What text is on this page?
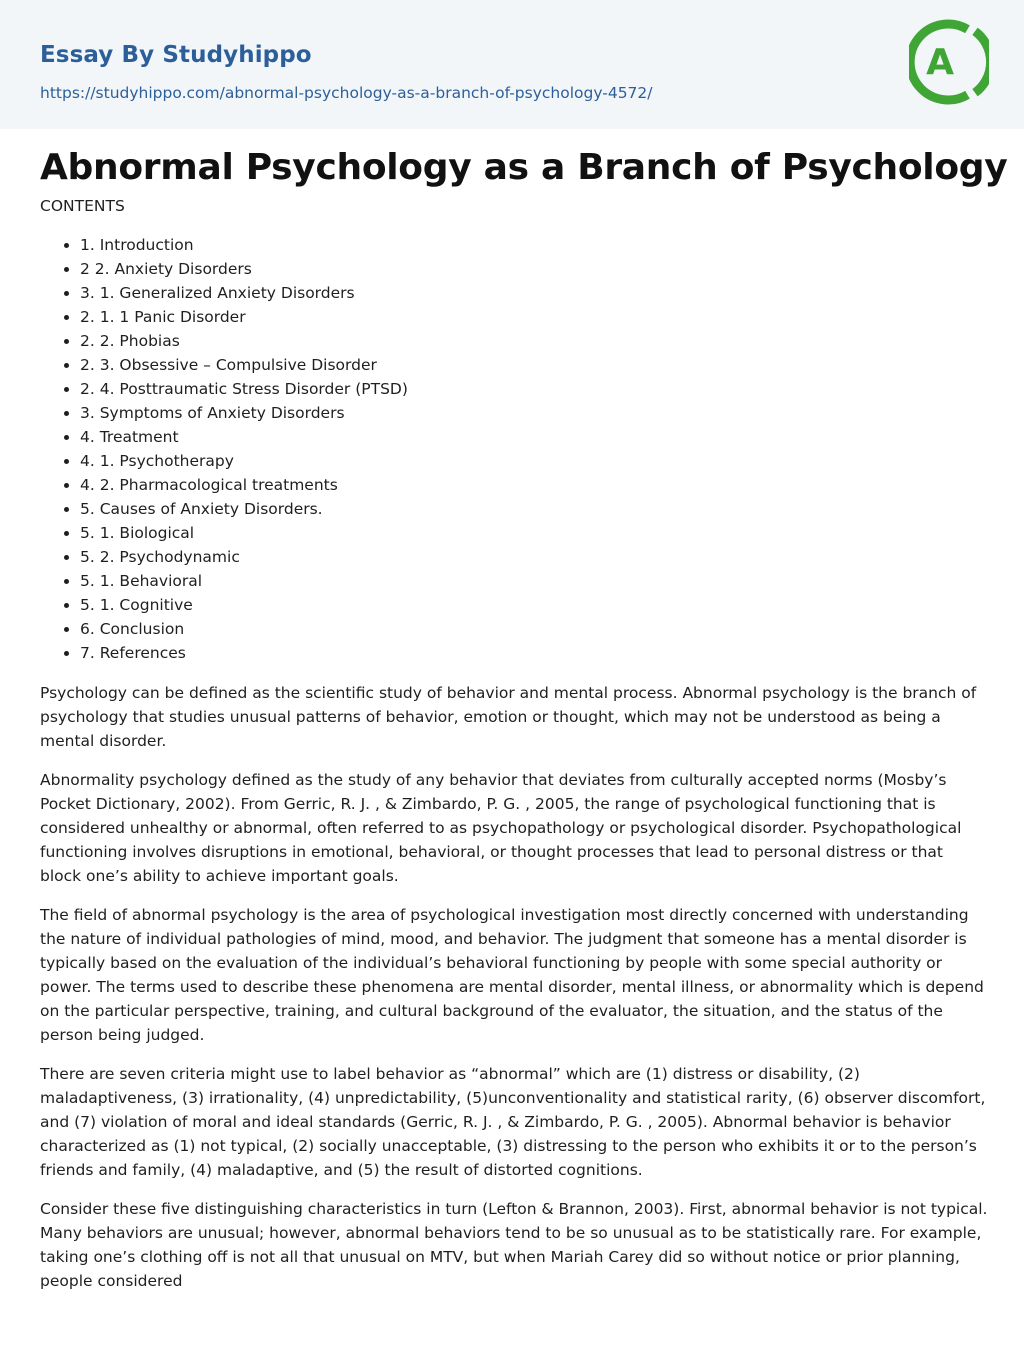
Essay By Studyhippo
https://studyhippo.com/abnormal-psychology-as-a-branch-of-psychology-4572/
A
Abnormal Psychology as a Branch of Psychology
CONTENTS
• 1. Introduction
• 2 2. Anxiety Disorders
• 3. 1. Generalized Anxiety Disorders
• 2. 1. 1 Panic Disorder
• 2. 2. Phobias
• 2. 3. Obsessive – Compulsive Disorder
• 2. 4. Posttraumatic Stress Disorder (PTSD)
• 3. Symptoms of Anxiety Disorders
• 4. Treatment
• 4. 1. Psychotherapy
• 4. 2. Pharmacological treatments
• 5. Causes of Anxiety Disorders.
• 5. 1. Biological
• 5. 2. Psychodynamic
• 5. 1. Behavioral
• 5. 1. Cognitive
• 6. Conclusion
• 7. References

Psychology can be defined as the scientific study of behavior and mental process. Abnormal psychology is the branch of psychology that studies unusual patterns of behavior, emotion or thought, which may not be understood as being a mental disorder.

Abnormality psychology defined as the study of any behavior that deviates from culturally accepted norms (Mosby’s Pocket Dictionary, 2002). From Gerric, R. J. , & Zimbardo, P. G. , 2005, the range of psychological functioning that is considered unhealthy or abnormal, often referred to as psychopathology or psychological disorder. Psychopathological functioning involves disruptions in emotional, behavioral, or thought processes that lead to personal distress or that block one’s ability to achieve important goals.

The field of abnormal psychology is the area of psychological investigation most directly concerned with understanding the nature of individual pathologies of mind, mood, and behavior. The judgment that someone has a mental disorder is typically based on the evaluation of the individual’s behavioral functioning by people with some special authority or power. The terms used to describe these phenomena are mental disorder, mental illness, or abnormality which is depend on the particular perspective, training, and cultural background of the evaluator, the situation, and the status of the person being judged.

There are seven criteria might use to label behavior as “abnormal” which are (1) distress or disability, (2) maladaptiveness, (3) irrationality, (4) unpredictability, (5)unconventionality and statistical rarity, (6) observer discomfort, and (7) violation of moral and ideal standards (Gerric, R. J. , & Zimbardo, P. G. , 2005). Abnormal behavior is behavior characterized as (1) not typical, (2) socially unacceptable, (3) distressing to the person who exhibits it or to the person’s friends and family, (4) maladaptive, and (5) the result of distorted cognitions.

Consider these five distinguishing characteristics in turn (Lefton & Brannon, 2003). First, abnormal behavior is not typical. Many behaviors are unusual; however, abnormal behaviors tend to be so unusual as to be statistically rare. For example, taking one’s clothing off is not all that unusual on MTV, but when Mariah Carey did so without notice or prior planning, people considered
